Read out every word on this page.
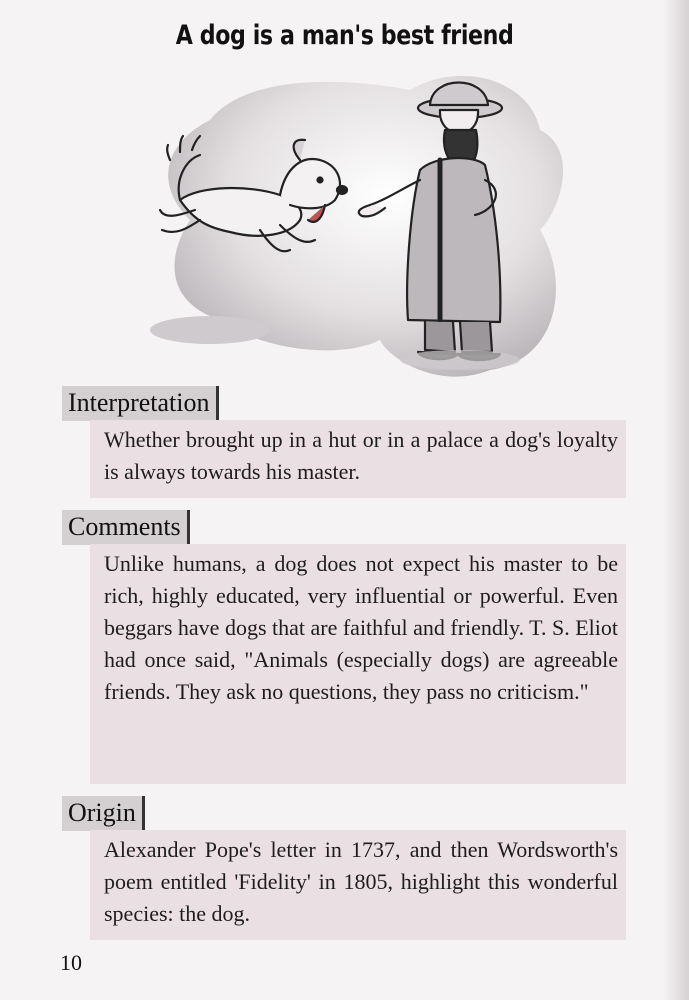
A dog is a man's best friend
Interpretation
Whether brought up in a hut or in a palace a dog's loyalty is always towards his master.
Comments
Unlike humans, a dog does not expect his master to be rich, highly educated, very influential or powerful. Even beggars have dogs that are faithful and friendly. T. S. Eliot had once said, "Animals (especially dogs) are agreeable friends. They ask no questions, they pass no criticism."
Origin
Alexander Pope's letter in 1737, and then Wordsworth's poem entitled 'Fidelity' in 1805, highlight this wonderful species: the dog.
10
